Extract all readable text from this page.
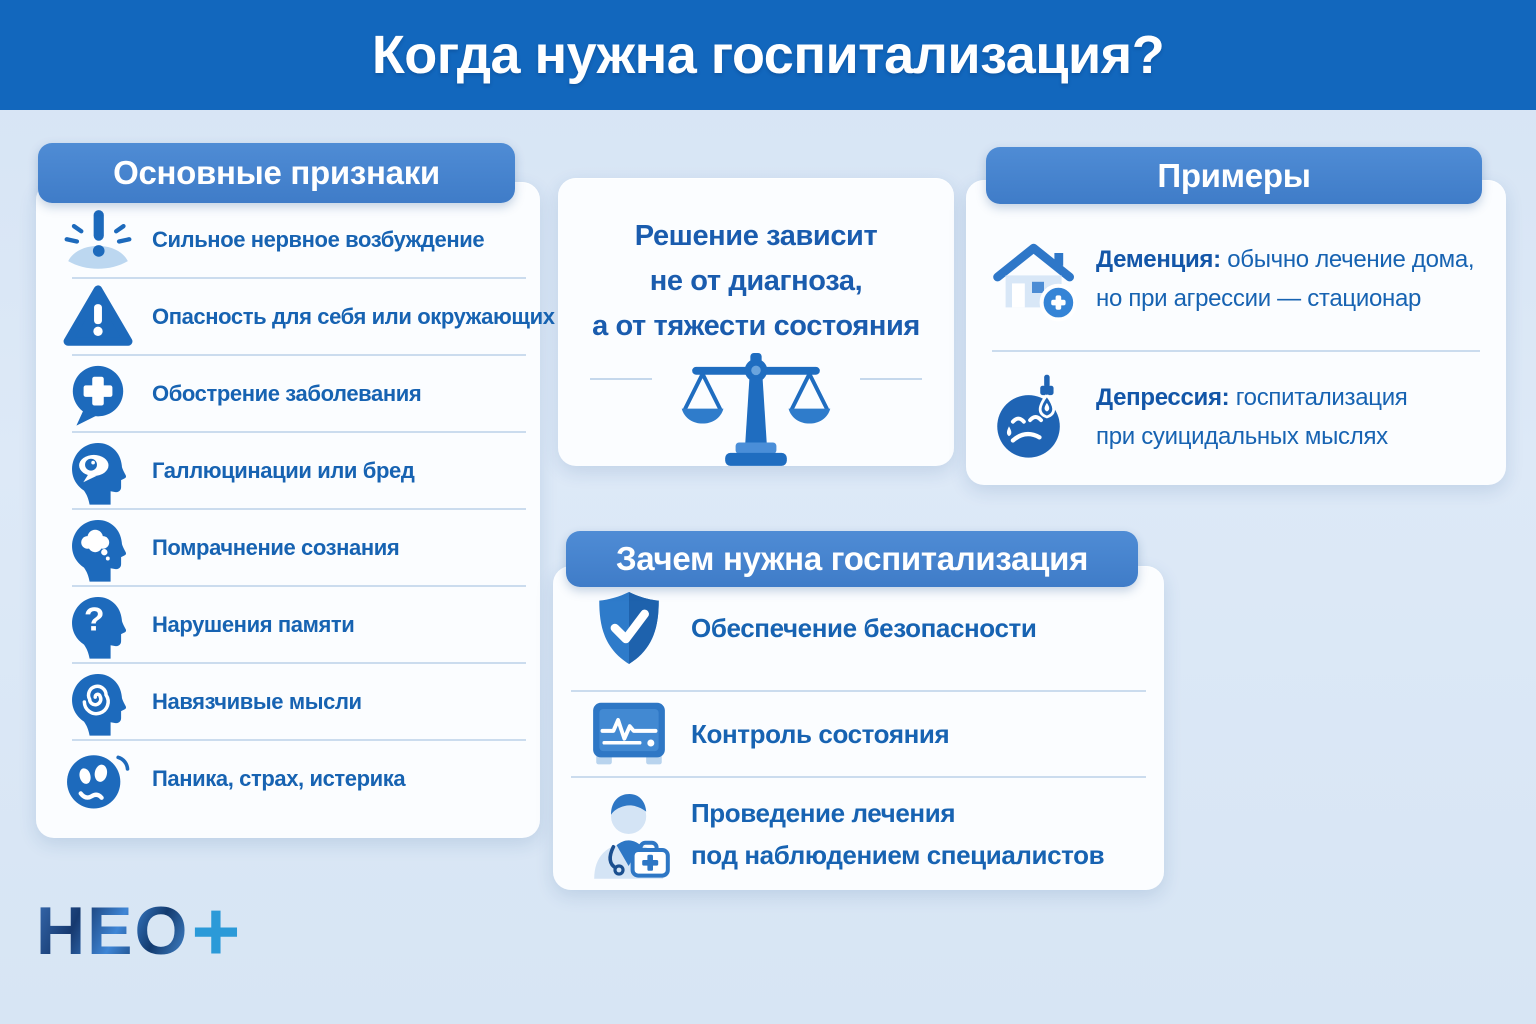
Когда нужна госпитализация?
Основные признаки
Сильное нервное возбуждение
Опасность для себя или окружающих
Обострение заболевания
Галлюцинации или бред
Помрачнение сознания
? Нарушения памяти
Навязчивые мысли
Паника, страх, истерика
Решение зависит
не от диагноза,
а от тяжести состояния
Примеры
Деменция: обычно лечение дома,
но при агрессии — стационар
Депрессия: госпитализация
при суицидальных мыслях
Зачем нужна госпитализация
Обеспечение безопасности
Контроль состояния
Проведение лечения
под наблюдением специалистов
НЕО +
